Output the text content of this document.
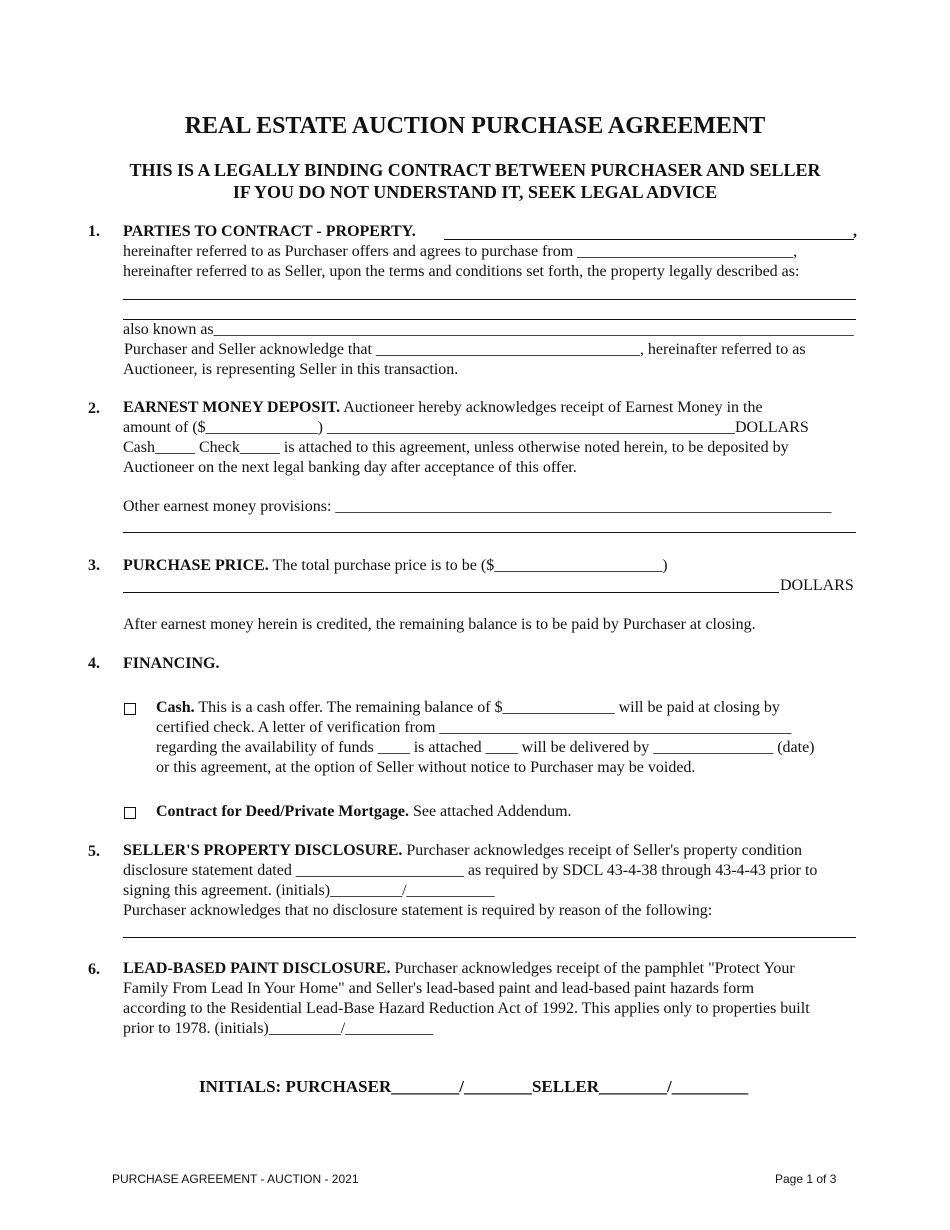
REAL ESTATE AUCTION PURCHASE AGREEMENT
THIS IS A LEGALLY BINDING CONTRACT BETWEEN PURCHASER AND SELLER
IF YOU DO NOT UNDERSTAND IT, SEEK LEGAL ADVICE
1. PARTIES TO CONTRACT - PROPERTY.	,
hereinafter referred to as Purchaser offers and agrees to purchase from ___________________________,
hereinafter referred to as Seller, upon the terms and conditions set forth, the property legally described as:
also known as________________________________________________________________________________
Purchaser and Seller acknowledge that _________________________________, hereinafter referred to as
Auctioneer, is representing Seller in this transaction.
2. EARNEST MONEY DEPOSIT. Auctioneer hereby acknowledges receipt of Earnest Money in the
amount of ($______________) ___________________________________________________DOLLARS
Cash_____ Check_____ is attached to this agreement, unless otherwise noted herein, to be deposited by
Auctioneer on the next legal banking day after acceptance of this offer.
Other earnest money provisions: ______________________________________________________________
3. PURCHASE PRICE. The total purchase price is to be ($_____________________)
DOLLARS
After earnest money herein is credited, the remaining balance is to be paid by Purchaser at closing.
4. FINANCING.
Cash. This is a cash offer. The remaining balance of $______________ will be paid at closing by
certified check. A letter of verification from ____________________________________________
regarding the availability of funds ____ is attached ____ will be delivered by _______________ (date)
or this agreement, at the option of Seller without notice to Purchaser may be voided.
Contract for Deed/Private Mortgage. See attached Addendum.
5. SELLER'S PROPERTY DISCLOSURE. Purchaser acknowledges receipt of Seller's property condition
disclosure statement dated _____________________ as required by SDCL 43-4-38 through 43-4-43 prior to
signing this agreement. (initials)_________/___________
Purchaser acknowledges that no disclosure statement is required by reason of the following:
6. LEAD-BASED PAINT DISCLOSURE. Purchaser acknowledges receipt of the pamphlet "Protect Your
Family From Lead In Your Home" and Seller's lead-based paint and lead-based paint hazards form
according to the Residential Lead-Base Hazard Reduction Act of 1992. This applies only to properties built
prior to 1978. (initials)_________/___________
INITIALS: PURCHASER________/________SELLER________/_________
PURCHASE AGREEMENT - AUCTION - 2021	Page 1 of 3
